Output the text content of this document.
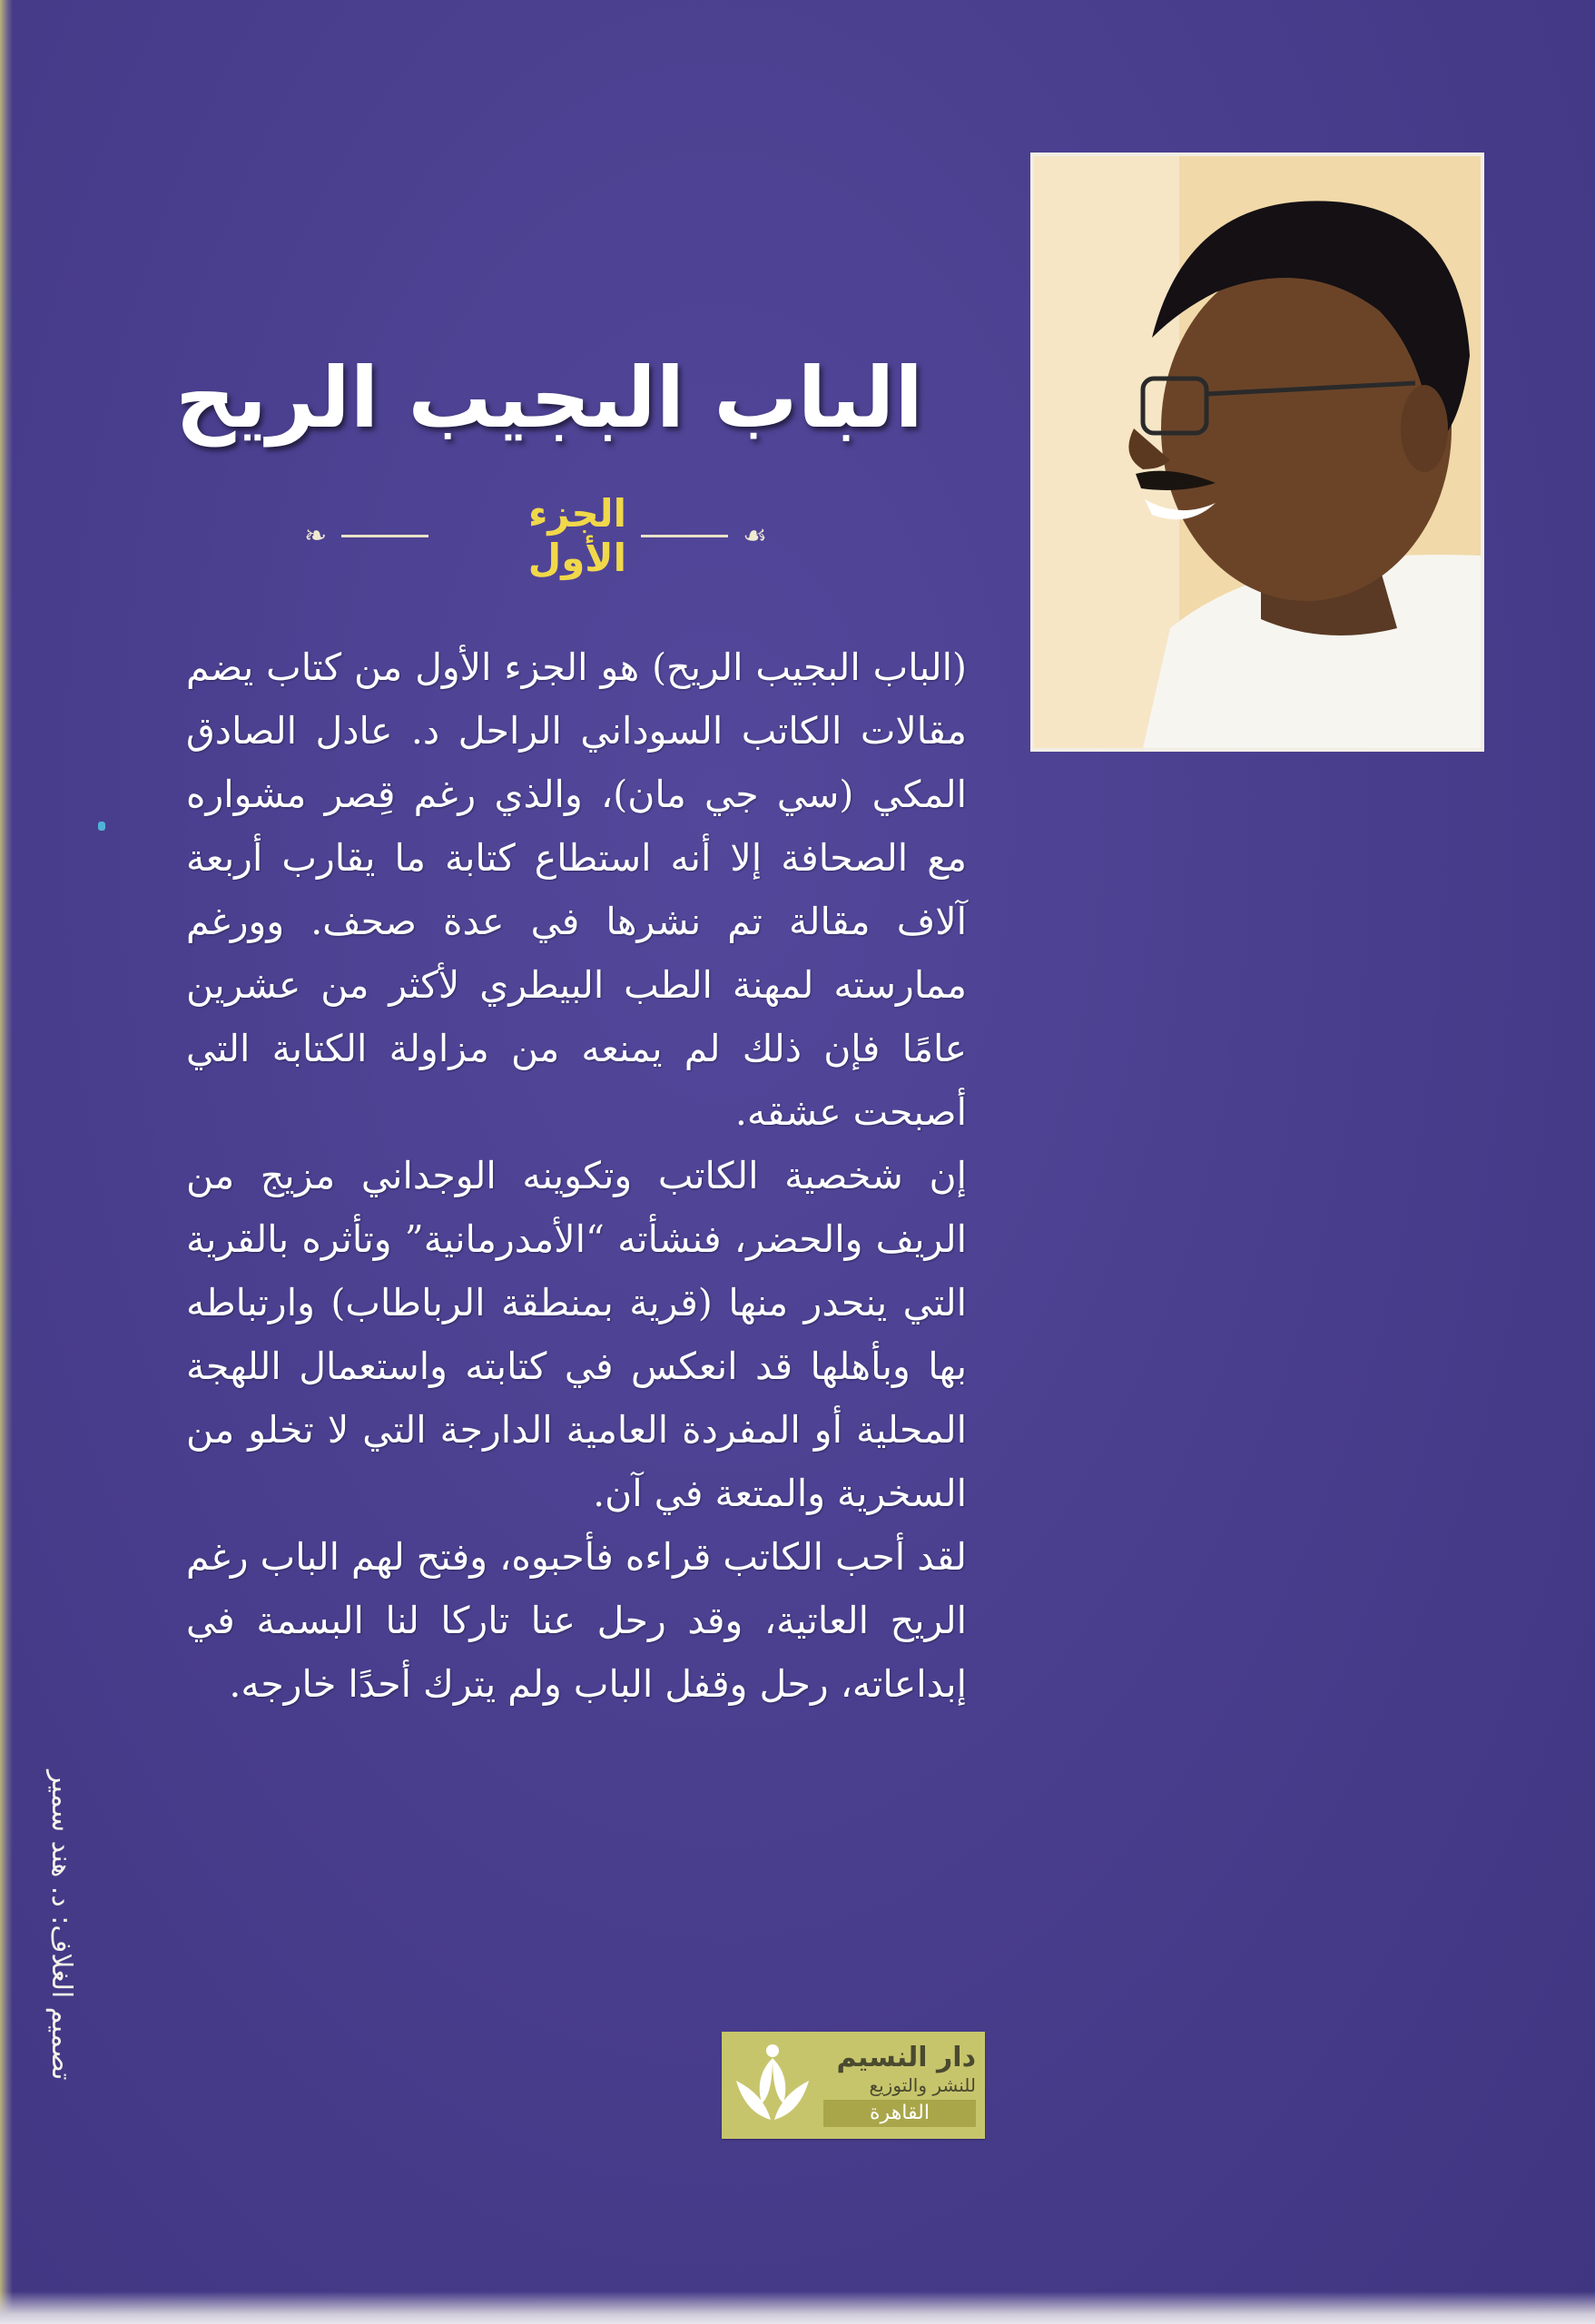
الباب البجيب الريح
❧	الجزء الأول	☙

(الباب البجيب الريح) هو الجزء الأول من كتاب يضم مقالات الكاتب السوداني الراحل د. عادل الصادق المكي (سي جي مان)، والذي رغم قِصر مشواره مع الصحافة إلا أنه استطاع كتابة ما يقارب أربعة آلاف مقالة تم نشرها في عدة صحف. وورغم ممارسته لمهنة الطب البيطري لأكثر من عشرين عامًا فإن ذلك لم يمنعه من مزاولة الكتابة التي أصبحت عشقه.

إن شخصية الكاتب وتكوينه الوجداني مزيج من الريف والحضر، فنشأته “الأمدرمانية” وتأثره بالقرية التي ينحدر منها (قرية بمنطقة الرباطاب) وارتباطه بها وبأهلها قد انعكس في كتابته واستعمال اللهجة المحلية أو المفردة العامية الدارجة التي لا تخلو من السخرية والمتعة في آن.

لقد أحب الكاتب قراءه فأحبوه، وفتح لهم الباب رغم الريح العاتية، وقد رحل عنا تاركا لنا البسمة في إبداعاته، رحل وقفل الباب ولم يترك أحدًا خارجه.

تصميم الغلاف: د. هند سمير	دار النسيم
للنشر والتوزيع
القاهرة
